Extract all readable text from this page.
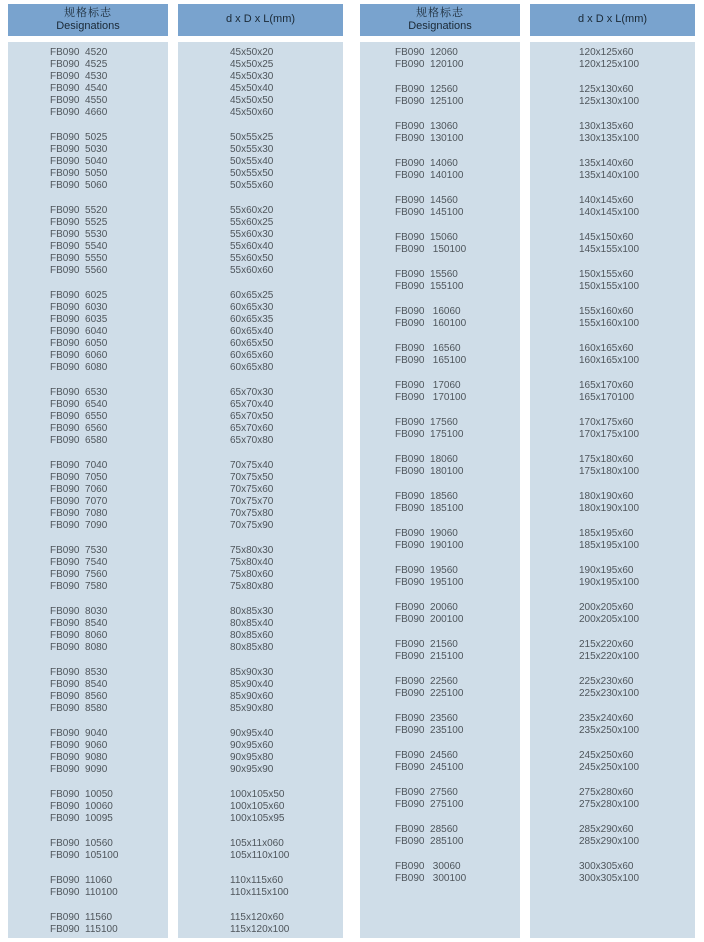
规格标志
Designations
FB090  4520
FB090  4525
FB090  4530
FB090  4540
FB090  4550
FB090  4660
FB090  5025
FB090  5030
FB090  5040
FB090  5050
FB090  5060
FB090  5520
FB090  5525
FB090  5530
FB090  5540
FB090  5550
FB090  5560
FB090  6025
FB090  6030
FB090  6035
FB090  6040
FB090  6050
FB090  6060
FB090  6080
FB090  6530
FB090  6540
FB090  6550
FB090  6560
FB090  6580
FB090  7040
FB090  7050
FB090  7060
FB090  7070
FB090  7080
FB090  7090
FB090  7530
FB090  7540
FB090  7560
FB090  7580
FB090  8030
FB090  8540
FB090  8060
FB090  8080
FB090  8530
FB090  8540
FB090  8560
FB090  8580
FB090  9040
FB090  9060
FB090  9080
FB090  9090
FB090  10050
FB090  10060
FB090  10095
FB090  10560
FB090  105100
FB090  11060
FB090  110100
FB090  11560
FB090  115100
d x D x L(mm)
45x50x20
45x50x25
45x50x30
45x50x40
45x50x50
45x50x60
50x55x25
50x55x30
50x55x40
50x55x50
50x55x60
55x60x20
55x60x25
55x60x30
55x60x40
55x60x50
55x60x60
60x65x25
60x65x30
60x65x35
60x65x40
60x65x50
60x65x60
60x65x80
65x70x30
65x70x40
65x70x50
65x70x60
65x70x80
70x75x40
70x75x50
70x75x60
70x75x70
70x75x80
70x75x90
75x80x30
75x80x40
75x80x60
75x80x80
80x85x30
80x85x40
80x85x60
80x85x80
85x90x30
85x90x40
85x90x60
85x90x80
90x95x40
90x95x60
90x95x80
90x95x90
100x105x50
100x105x60
100x105x95
105x11x060
105x110x100
110x115x60
110x115x100
115x120x60
115x120x100
规格标志
Designations
FB090  12060
FB090  120100
FB090  12560
FB090  125100
FB090  13060
FB090  130100
FB090  14060
FB090  140100
FB090  14560
FB090  145100
FB090  15060
FB090   150100
FB090  15560
FB090  155100
FB090   16060
FB090   160100
FB090   16560
FB090   165100
FB090   17060
FB090   170100
FB090  17560
FB090  175100
FB090  18060
FB090  180100
FB090  18560
FB090  185100
FB090  19060
FB090  190100
FB090  19560
FB090  195100
FB090  20060
FB090  200100
FB090  21560
FB090  215100
FB090  22560
FB090  225100
FB090  23560
FB090  235100
FB090  24560
FB090  245100
FB090  27560
FB090  275100
FB090  28560
FB090  285100
FB090   30060
FB090   300100
d x D x L(mm)
120x125x60
120x125x100
125x130x60
125x130x100
130x135x60
130x135x100
135x140x60
135x140x100
140x145x60
140x145x100
145x150x60
145x155x100
150x155x60
150x155x100
155x160x60
155x160x100
160x165x60
160x165x100
165x170x60
165x170100
170x175x60
170x175x100
175x180x60
175x180x100
180x190x60
180x190x100
185x195x60
185x195x100
190x195x60
190x195x100
200x205x60
200x205x100
215x220x60
215x220x100
225x230x60
225x230x100
235x240x60
235x250x100
245x250x60
245x250x100
275x280x60
275x280x100
285x290x60
285x290x100
300x305x60
300x305x100
